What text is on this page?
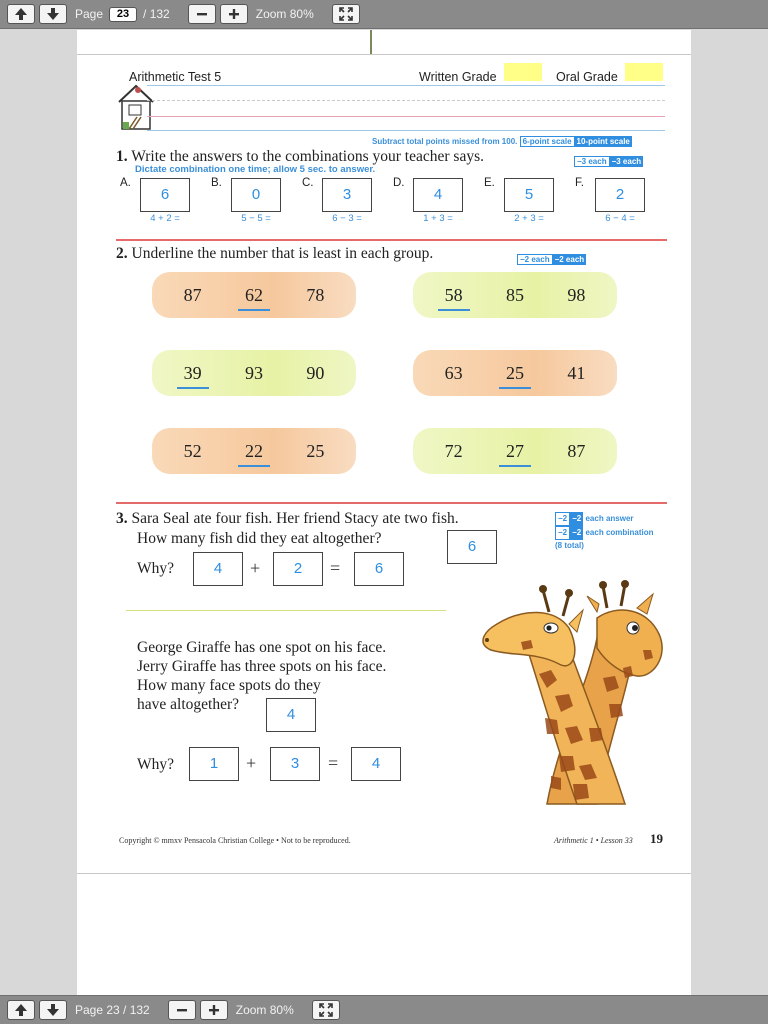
Page	23	/ 132	Zoom 80%
Arithmetic Test 5	Written Grade	Oral Grade
Subtract total points missed from 100. 6-point scale 10-point scale
1. Write the answers to the combinations your teacher says.	−3 each −3 each
Dictate combination one time; allow 5 sec. to answer.
A.
6
4 + 2 =
B.
0
5 − 5 =
C.
3
6 − 3 =
D.
4
1 + 3 =
E.
5
2 + 3 =
F.
2
6 − 4 =
2. Underline the number that is least in each group.	−2 each −2 each
87	62	78	58	85	98
39	93	90	63	25	41
52	22	25	72	27	87
3. Sara Seal ate four fish. Her friend Stacy ate two fish.
How many fish did they eat altogether?	6
−2 −2 each answer
−2 −2 each combination
(8 total)
Why?	4	+	2	=	6
George Giraffe has one spot on his face.
Jerry Giraffe has three spots on his face.
How many face spots do they
have altogether?
4
Why?	1	+	3	=	4
Copyright © mmxv Pensacola Christian College • Not to be reproduced.	Arithmetic 1 • Lesson 33 19
Page 23 / 132	Zoom 80%
